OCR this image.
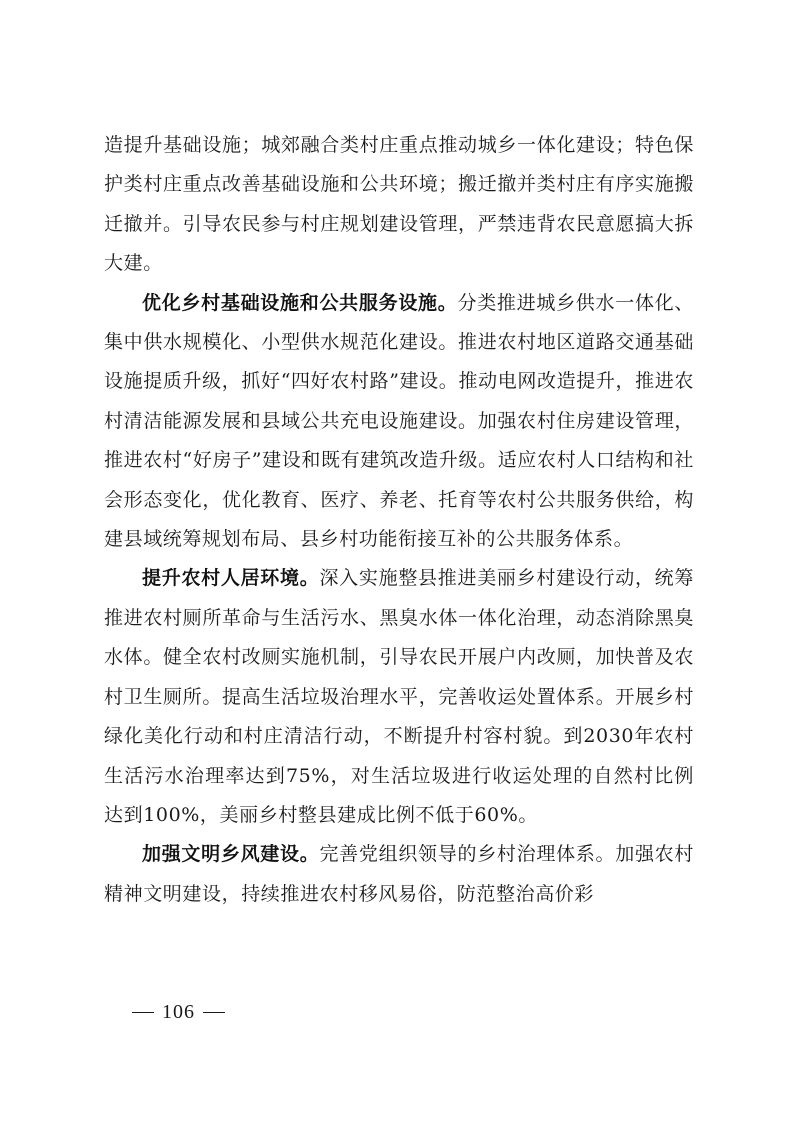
造提升基础设施；城郊融合类村庄重点推动城乡一体化建设；特色保护类村庄重点改善基础设施和公共环境；搬迁撤并类村庄有序实施搬迁撤并。引导农民参与村庄规划建设管理，严禁违背农民意愿搞大拆大建。

优化乡村基础设施和公共服务设施。分类推进城乡供水一体化、集中供水规模化、小型供水规范化建设。推进农村地区道路交通基础设施提质升级，抓好“四好农村路”建设。推动电网改造提升，推进农村清洁能源发展和县域公共充电设施建设。加强农村住房建设管理，推进农村“好房子”建设和既有建筑改造升级。适应农村人口结构和社会形态变化，优化教育、医疗、养老、托育等农村公共服务供给，构建县域统筹规划布局、县乡村功能衔接互补的公共服务体系。

提升农村人居环境。深入实施整县推进美丽乡村建设行动，统筹推进农村厕所革命与生活污水、黑臭水体一体化治理，动态消除黑臭水体。健全农村改厕实施机制，引导农民开展户内改厕，加快普及农村卫生厕所。提高生活垃圾治理水平，完善收运处置体系。开展乡村绿化美化行动和村庄清洁行动，不断提升村容村貌。到2030年农村生活污水治理率达到75%，对生活垃圾进行收运处理的自然村比例达到100%，美丽乡村整县建成比例不低于60%。

加强文明乡风建设。完善党组织领导的乡村治理体系。加强农村精神文明建设，持续推进农村移风易俗，防范整治高价彩

106
